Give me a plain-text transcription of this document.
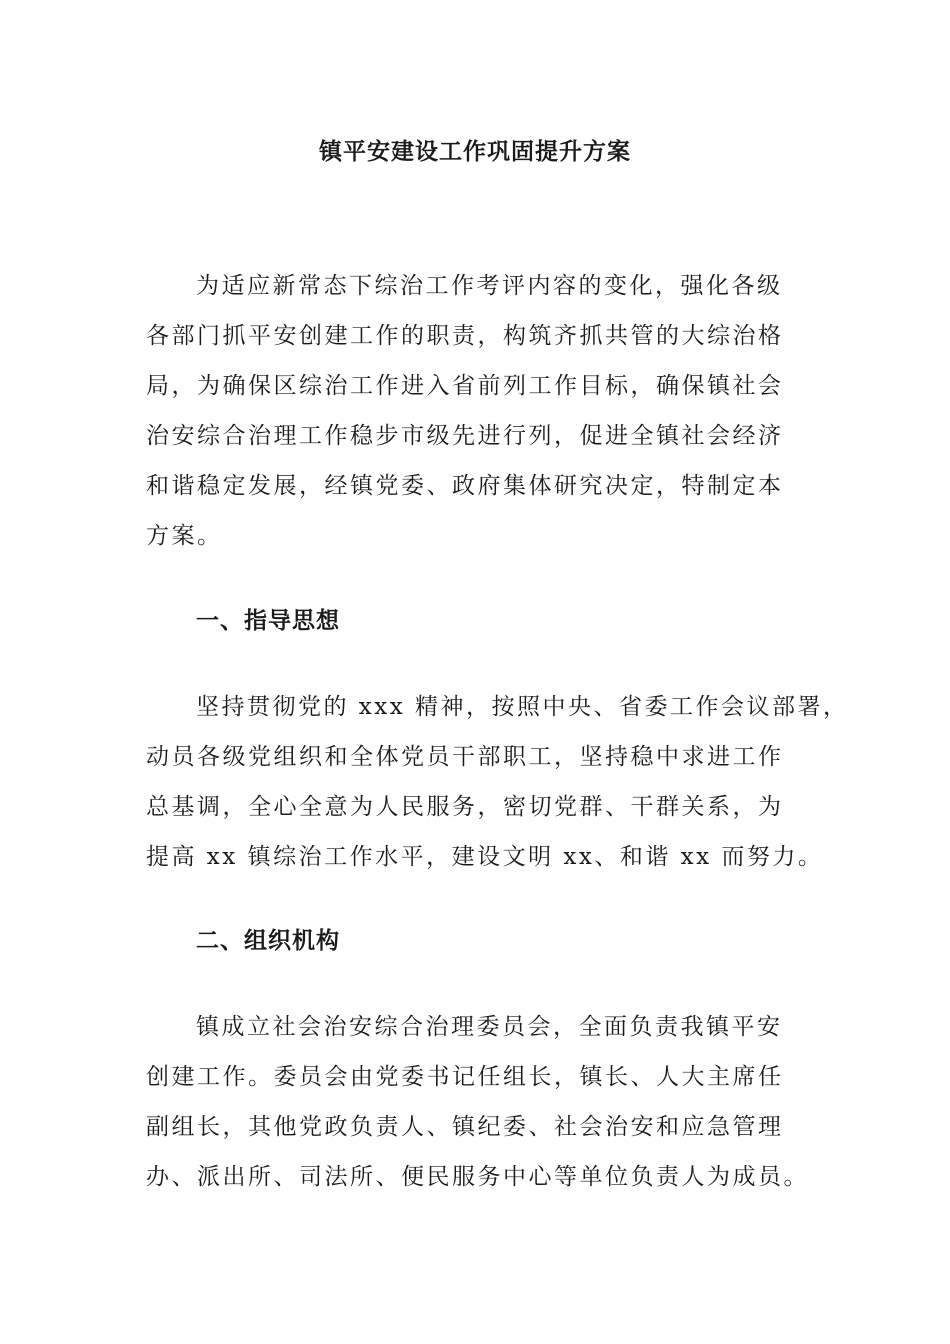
镇平安建设工作巩固提升方案
为适应新常态下综治工作考评内容的变化，强化各级
各部门抓平安创建工作的职责，构筑齐抓共管的大综治格
局，为确保区综治工作进入省前列工作目标，确保镇社会
治安综合治理工作稳步市级先进行列，促进全镇社会经济
和谐稳定发展，经镇党委、政府集体研究决定，特制定本
方案。
一、指导思想
坚持贯彻党的 xxx 精神，按照中央、省委工作会议部署，
动员各级党组织和全体党员干部职工，坚持稳中求进工作
总基调，全心全意为人民服务，密切党群、干群关系，为
提高 xx 镇综治工作水平，建设文明 xx、和谐 xx 而努力。
二、组织机构
镇成立社会治安综合治理委员会，全面负责我镇平安
创建工作。委员会由党委书记任组长，镇长、人大主席任
副组长，其他党政负责人、镇纪委、社会治安和应急管理
办、派出所、司法所、便民服务中心等单位负责人为成员。
